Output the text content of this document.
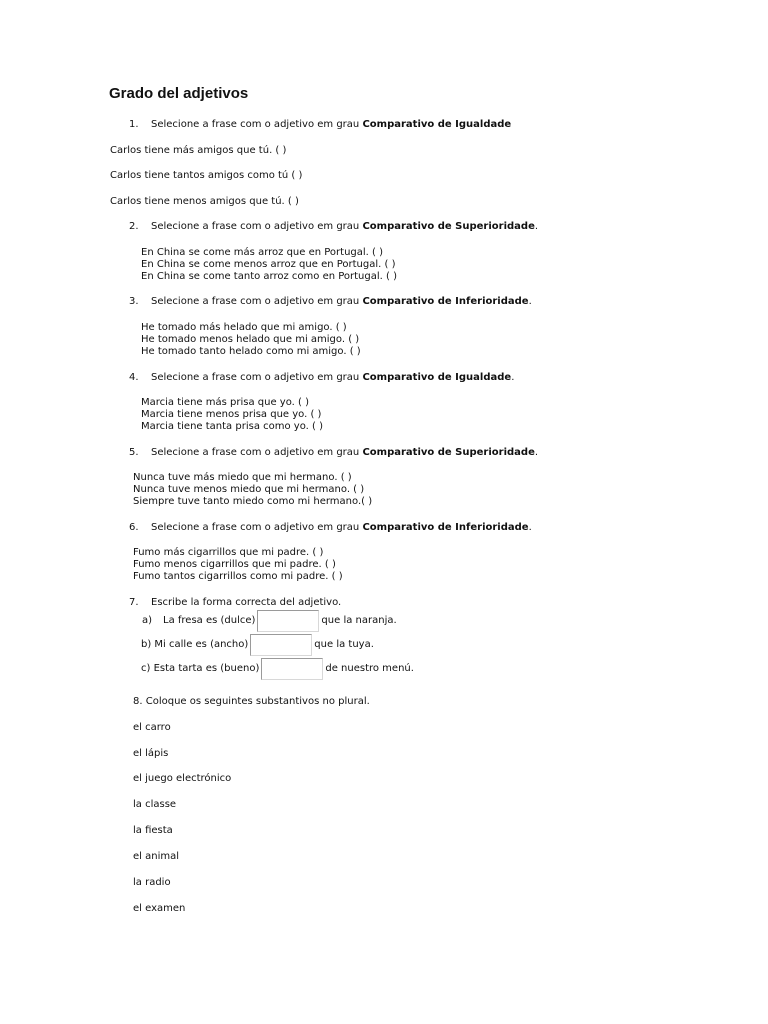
Grado del adjetivos
1. Selecione a frase com o adjetivo em grau Comparativo de Igualdade
Carlos tiene más amigos que tú. ( )
Carlos tiene tantos amigos como tú ( )
Carlos tiene menos amigos que tú. ( )
2. Selecione a frase com o adjetivo em grau Comparativo de Superioridade.
En China se come más arroz que en Portugal. ( )
En China se come menos arroz que en Portugal. ( )
En China se come tanto arroz como en Portugal. ( )
3. Selecione a frase com o adjetivo em grau Comparativo de Inferioridade.
He tomado más helado que mi amigo. ( )
He tomado menos helado que mi amigo. ( )
He tomado tanto helado como mi amigo. ( )
4. Selecione a frase com o adjetivo em grau Comparativo de Igualdade.
Marcia tiene más prisa que yo. ( )
Marcia tiene menos prisa que yo. ( )
Marcia tiene tanta prisa como yo. ( )
5. Selecione a frase com o adjetivo em grau Comparativo de Superioridade.
Nunca tuve más miedo que mi hermano. ( )
Nunca tuve menos miedo que mi hermano. ( )
Siempre tuve tanto miedo como mi hermano.( )
6. Selecione a frase com o adjetivo em grau Comparativo de Inferioridade.
Fumo más cigarrillos que mi padre. ( )
Fumo menos cigarrillos que mi padre. ( )
Fumo tantos cigarrillos como mi padre. ( )
7. Escribe la forma correcta del adjetivo.
a) La fresa es (dulce)	que la naranja.
b) Mi calle es (ancho)	que la tuya.
c) Esta tarta es (bueno)	de nuestro menú.
8. Coloque os seguintes substantivos no plural.
el carro
el lápis
el juego electrónico
la classe
la fiesta
el animal
la radio
el examen
